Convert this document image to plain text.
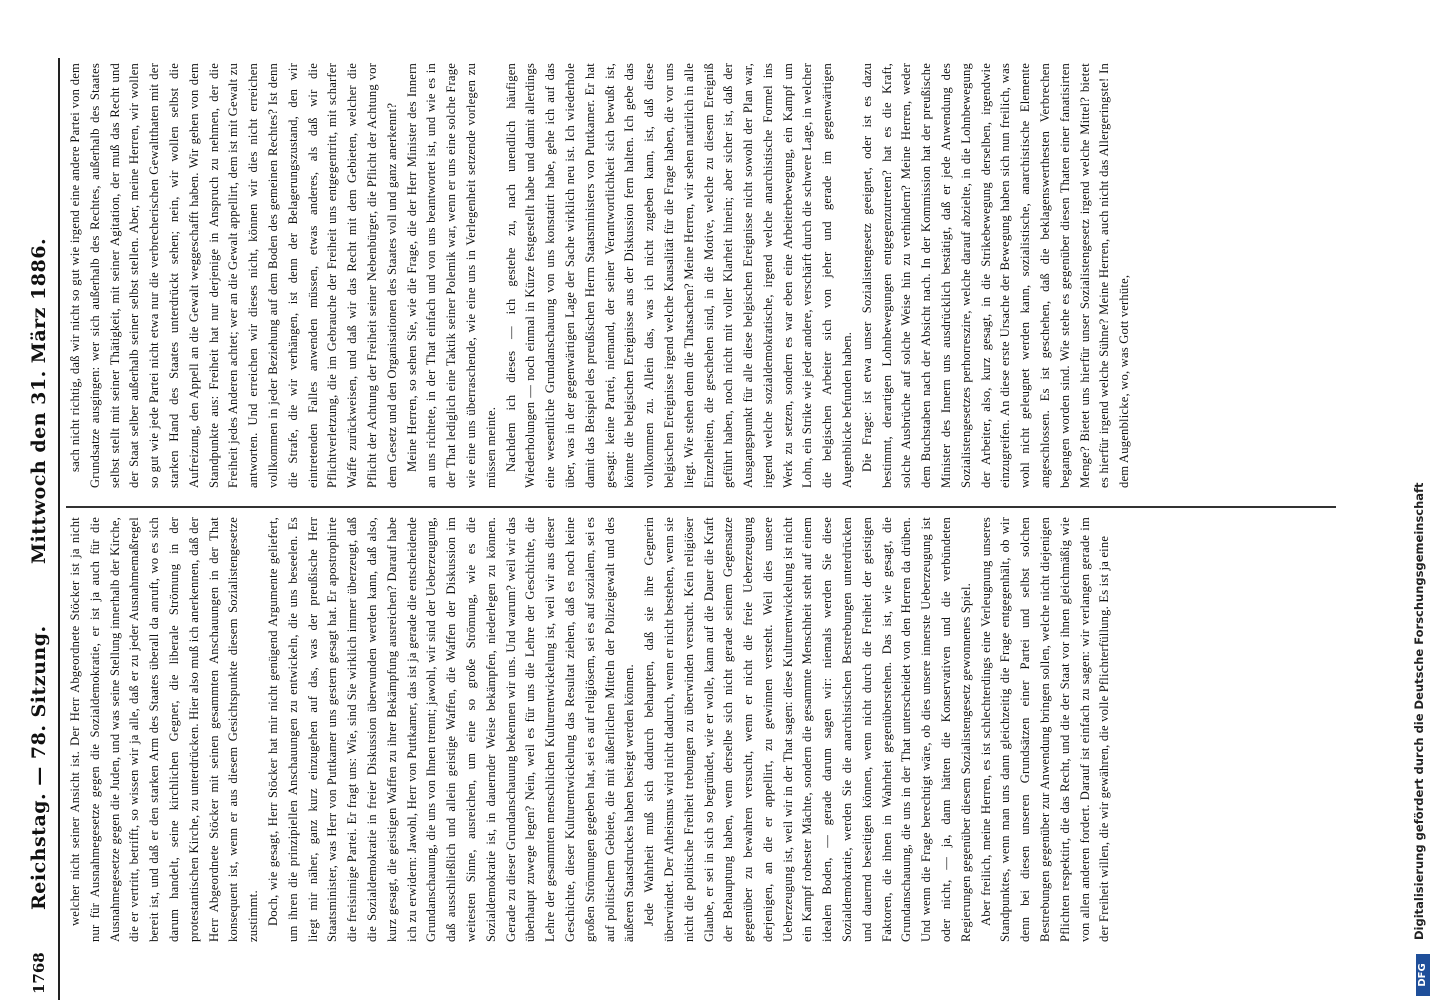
1768
Reichstag. — 78. Sitzung.
Mittwoch den 31. März 1886.

welcher nicht seiner Ansicht ist. Der Herr Abgeordnete Stöcker ist ja nicht nur für Ausnahmegesetze gegen die Sozialdemokratie, er ist ja auch für die Ausnahmegesetze gegen die Juden, und was seine Stellung innerhalb der Kirche, die er vertritt, betrifft, so wissen wir ja alle, daß er zu jeder Ausnahmemaßregel bereit ist, und daß er den starken Arm des Staates überall da anruft, wo es sich darum handelt, seine kirchlichen Gegner, die liberale Strömung in der protestantischen Kirche, zu unterdrücken. Hier also muß ich anerkennen, daß der Herr Abgeordnete Stöcker mit seinen gesammten Anschauungen in der That konsequent ist, wenn er aus diesem Gesichtspunkte diesem Sozialistengesetze zustimmt. Doch, wie gesagt, Herr Stöcker hat mir nicht genügend Argumente geliefert, um ihren die prinzipiellen Anschauungen zu entwickeln, die uns beseelen. Es liegt mir näher, ganz kurz einzugehen auf das, was der preußische Herr Staatsminister, was Herr von Puttkamer uns gestern gesagt hat. Er apostrophirte die freisinnige Partei. Er fragt uns: Wie, sind Sie wirklich immer überzeugt, daß die Sozialdemokratie in freier Diskussion überwunden werden kann, daß also, kurz gesagt, die geistigen Waffen zu ihrer Bekämpfung ausreichen? Darauf habe ich zu erwidern: Jawohl, Herr von Puttkamer, das ist ja gerade die entscheidende Grundanschauung, die uns von Ihnen trennt; jawohl, wir sind der Ueberzeugung, daß ausschließlich und allein geistige Waffen, die Waffen der Diskussion im weitesten Sinne, ausreichen, um eine so große Strömung, wie es die Sozialdemokratie ist, in dauernder Weise bekämpfen, niederlegen zu können. Gerade zu dieser Grundanschauung bekennen wir uns. Und warum? weil wir das überhaupt zuwege legen? Nein, weil es für uns die Lehre der Geschichte, die Lehre der gesammten menschlichen Kulturentwickelung ist, weil wir aus dieser Geschichte, dieser Kulturentwickelung das Resultat ziehen, daß es noch keine großen Strömungen gegeben hat, sei es auf religiösem, sei es auf sozialem, sei es auf politischem Gebiete, die mit äußerlichen Mitteln der Polizeigewalt und des äußeren Staatsdruckes haben besiegt werden können. Jede Wahrheit muß sich dadurch behaupten, daß sie ihre Gegnerin überwindet. Der Atheismus wird nicht dadurch, wenn er nicht bestehen, wenn sie nicht die politische Freiheit trebungen zu überwinden versucht. Kein religiöser Glaube, er sei in sich so begründet, wie er wolle, kann auf die Dauer die Kraft der Behauptung haben, wenn derselbe sich nicht gerade seinem Gegensatze gegenüber zu bewahren versucht, wenn er nicht die freie Ueberzeugung derjenigen, an die er appellirt, zu gewinnen versteht. Weil dies unsere Ueberzeugung ist, weil wir in der That sagen: diese Kulturentwickelung ist nicht ein Kampf rohester Mächte, sondern die gesammte Menschheit steht auf einem idealen Boden, — gerade darum sagen wir: niemals werden Sie diese Sozialdemokratie, werden Sie die anarchistischen Bestrebungen unterdrücken und dauernd beseitigen können, wenn nicht durch die Freiheit der geistigen Faktoren, die ihnen in Wahrheit gegenüberstehen. Das ist, wie gesagt, die Grundanschauung, die uns in der That unterscheidet von den Herren da drüben. Und wenn die Frage berechtigt wäre, ob dies unsere innerste Ueberzeugung ist oder nicht, — ja, dann hätten die Konservativen und die verbündeten Regierungen gegenüber diesem Sozialistengesetz gewonnenes Spiel. Aber freilich, meine Herren, es ist schlechterdings eine Verleugnung unseres Standpunktes, wenn man uns dann gleichzeitig die Frage entgegenhält, ob wir denn bei diesen unseren Grundsätzen einer Partei und selbst solchen Bestrebungen gegenüber zur Anwendung bringen sollen, welche nicht diejenigen Pflichten respektirt, die das Recht, und die der Staat vor ihnen gleichmäßig wie von allen anderen fordert. Darauf ist einfach zu sagen: wir verlangen gerade im der Freiheit willen, die wir gewähren, die volle Pflichterfüllung. Es ist ja eine

sach nicht richtig, daß wir nicht so gut wie irgend eine andere Partei von dem Grundsatze ausgingen: wer sich außerhalb des Rechtes, außerhalb des Staates selbst stellt mit seiner Thätigkeit, mit seiner Agitation, der muß das Recht und der Staat selber außerhalb seiner selbst stellen. Aber, meine Herren, wir wollen so gut wie jede Partei nicht etwa nur die verbrecherischen Gewaltthaten mit der starken Hand des Staates unterdrückt sehen; nein, wir wollen selbst die Aufreizung, den Appell an die Gewalt weggeschafft haben. Wir gehen von dem Standpunkte aus: Freiheit hat nur derjenige in Anspruch zu nehmen, der die Freiheit jedes Anderen achtet; wer an die Gewalt appellirt, dem ist mit Gewalt zu antworten. Und erreichen wir dieses nicht, können wir dies nicht erreichen vollkommen in jeder Beziehung auf dem Boden des gemeinen Rechtes? Ist denn die Strafe, die wir verhängen, ist denn der Belagerungszustand, den wir eintretenden Falles anwenden müssen, etwas anderes, als daß wir die Pflichtverletzung, die im Gebrauche der Freiheit uns entgegentritt, mit scharfer Waffe zurückweisen, und daß wir das Recht mit dem Gebieten, welcher die Pflicht der Achtung der Freiheit seiner Nebenbürger, die Pflicht der Achtung vor dem Gesetz und den Organisationen des Staates voll und ganz anerkennt? Meine Herren, so sehen Sie, wie die Frage, die der Herr Minister des Innern an uns richtete, in der That einfach und von uns beantwortet ist, und wie es in der That lediglich eine Taktik seiner Polemik war, wenn er uns eine solche Frage wie eine uns überraschende, wie eine uns in Verlegenheit setzende vorlegen zu müssen meinte. Nachdem ich dieses — ich gestehe zu, nach unendlich häufigen Wiederholungen — noch einmal in Kürze festgestellt habe und damit allerdings eine wesentliche Grundanschauung von uns konstatirt habe, gehe ich auf das über, was in der gegenwärtigen Lage der Sache wirklich neu ist. Ich wiederhole damit das Beispiel des preußischen Herrn Staatsministers von Puttkamer. Er hat gesagt: keine Partei, niemand, der seiner Verantwortlichkeit sich bewußt ist, könnte die belgischen Ereignisse aus der Diskussion fern halten. Ich gebe das vollkommen zu. Allein das, was ich nicht zugeben kann, ist, daß diese belgischen Ereignisse irgend welche Kausalität für die Frage haben, die vor uns liegt. Wie stehen denn die Thatsachen? Meine Herren, wir sehen natürlich in alle Einzelheiten, die geschehen sind, in die Motive, welche zu diesem Ereigniß geführt haben, noch nicht mit voller Klarheit hinein; aber sicher ist, daß der Ausgangspunkt für alle diese belgischen Ereignisse nicht sowohl der Plan war, irgend welche sozialdemokratische, irgend welche anarchistische Formel ins Werk zu setzen, sondern es war eben eine Arbeiterbewegung, ein Kampf um Lohn, ein Strike wie jeder andere, verschärft durch die schwere Lage, in welcher die belgischen Arbeiter sich von jeher und gerade im gegenwärtigen Augenblicke befunden haben. Die Frage: ist etwa unser Sozialistengesetz geeignet, oder ist es dazu bestimmt, derartigen Lohnbewegungen entgegenzutreten? hat es die Kraft, solche Ausbrüche auf solche Weise hin zu verhindern? Meine Herren, weder dem Buchstaben nach der Absicht nach. In der Kommission hat der preußische Minister des Innern uns ausdrücklich bestätigt, daß er jede Anwendung des Sozialistengesetzes perhorreszire, welche darauf abzielte, in die Lohnbewegung der Arbeiter, also, kurz gesagt, in die Strikebewegung derselben, irgendwie einzugreifen. An diese erste Ursache der Bewegung haben sich nun freilich, was wohl nicht geleugnet werden kann, sozialistische, anarchistische Elemente angeschlossen. Es ist geschehen, daß die beklagenswerthesten Verbrechen begangen worden sind. Wie stehe es gegenüber diesen Thaten einer fanatisirten Menge? Bietet uns hierfür unser Sozialistengesetz irgend welche Mittel? bietet es hierfür irgend welche Sühne? Meine Herren, auch nicht das Allergeringste! In dem Augenblicke, wo, was Gott verhüte,

DFG
Digitalisierung gefördert durch die Deutsche Forschungsgemeinschaft
